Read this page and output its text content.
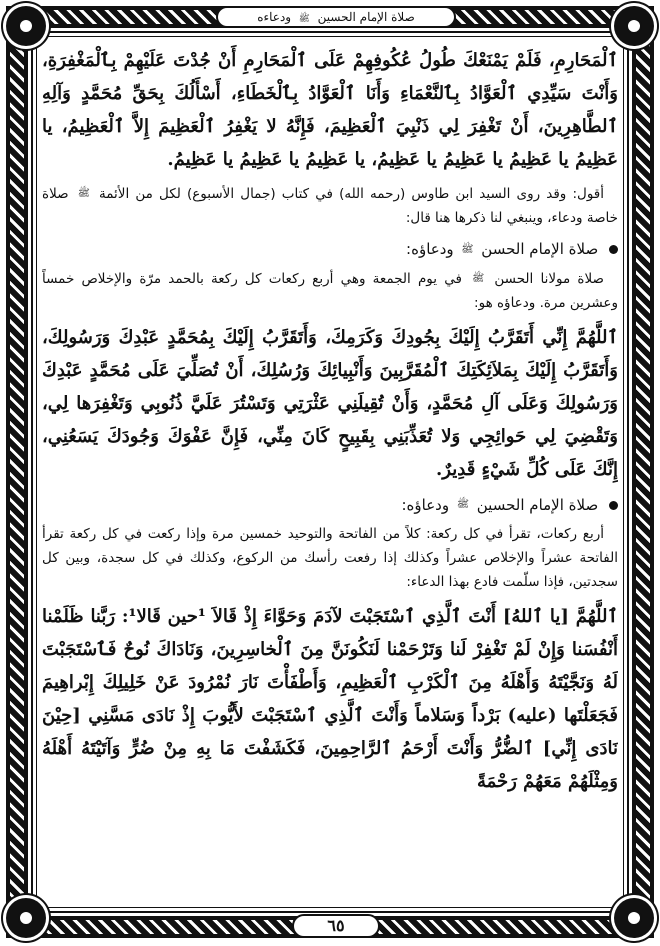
صلاة الإمام الحسين ﷺ ودعاءه
٦٥

ٱلْمَحَارِمِ، فَلَمْ يَمْنَعْكَ طُولُ عُكُوفِهِمْ عَلَى ٱلْمَحَارِمِ أَنْ جُدْتَ عَلَيْهِمْ بِٱلْمَغْفِرَةِ، وَأَنْتَ سَيِّدِي ٱلْعَوَّادُ بِٱلنَّعْمَاءِ وَأَنَا ٱلْعَوَّادُ بِٱلْخَطَاءِ، أَسْأَلُكَ بِحَقِّ مُحَمَّدٍ وَآلِهِ ٱلطَّاهِرِينَ، أَنْ تَغْفِرَ لِي ذَنْبِيَ ٱلْعَظِيمَ، فَإِنَّهُ لا يَغْفِرُ ٱلْعَظِيمَ إِلاَّ ٱلْعَظِيمُ، يا عَظِيمُ يا عَظِيمُ يا عَظِيمُ يا عَظِيمُ، يا عَظِيمُ يا عَظِيمُ يا عَظِيمُ.

أقول: وقد روى السيد ابن طاوس (رحمه الله) في كتاب (جمال الأسبوع) لكل من الأئمة ﷺ صلاة خاصة ودعاء، وينبغي لنا ذكرها هنا قال:

صلاة الإمام الحسن ﷺ ودعاؤه:

صلاة مولانا الحسن ﷺ في يوم الجمعة وهي أربع ركعات كل ركعة بالحمد مرّة والإخلاص خمساً وعشرين مرة. ودعاؤه هو:

ٱللَّهُمَّ إِنِّي أَتَقَرَّبُ إِلَيْكَ بِجُودِكَ وَكَرَمِكَ، وَأَتَقَرَّبُ إِلَيْكَ بِمُحَمَّدٍ عَبْدِكَ وَرَسُولِكَ، وَأَتَقَرَّبُ إِلَيْكَ بِمَلاَئِكَتِكَ ٱلْمُقَرَّبِينَ وَأَنْبِيائِكَ وَرُسُلِكَ، أَنْ تُصَلِّيَ عَلَى مُحَمَّدٍ عَبْدِكَ وَرَسُولِكَ وَعَلَى آلِ مُحَمَّدٍ، وَأَنْ تُقِيلَنِي عَثْرَتِي وَتَسْتُرَ عَلَيَّ ذُنُوبِي وَتَغْفِرَها لِي، وَتَقْضِيَ لِي حَوائِجِي وَلا تُعَذِّبَنِي بِقَبِيحٍ كَانَ مِنِّي، فَإِنَّ عَفْوَكَ وَجُودَكَ يَسَعُنِي، إِنَّكَ عَلَى كُلِّ شَيْءٍ قَدِيرٌ.

صلاة الإمام الحسين ﷺ ودعاؤه:

أربع ركعات، تقرأ في كل ركعة: كلاً من الفاتحة والتوحيد خمسين مرة وإذا ركعت في كل ركعة تقرأ الفاتحة عشراً والإخلاص عشراً وكذلك إذا رفعت رأسك من الركوع، وكذلك في كل سجدة، وبين كل سجدتين، فإذا سلّمت فادع بهذا الدعاء:

ٱللَّهُمَّ [يا ٱللهُ] أَنْتَ ٱلَّذِي ٱسْتَجَبْتَ لآدَمَ وَحَوَّاءَ إِذْ قَالاَ ¹حين قَالا¹: رَبَّنا ظَلَمْنا أَنْفُسَنا وَإِنْ لَمْ تَغْفِرْ لَنا وَتَرْحَمْنا لَنَكُونَنَّ مِنَ ٱلْخاسِرِينَ، وَنَادَاكَ نُوحٌ فَٱسْتَجَبْتَ لَهُ وَنَجَّيْتَهُ وَأَهْلَهُ مِنَ ٱلْكَرْبِ ٱلْعَظِيمِ، وَأَطْفَأْتَ نَارَ نُمْرُودَ عَنْ خَلِيلِكَ إِبْراهِيمَ فَجَعَلْتَها (عليه) بَرْداً وَسَلاماً وَأَنْتَ ٱلَّذِي ٱسْتَجَبْتَ لأَيُّوبَ إِذْ نَادَى مَسَّنِي [حِيْنَ نَادَى إِنِّي] ٱلضُّرُّ وَأَنْتَ أَرْحَمُ ٱلرَّاحِمِينَ، فَكَشَفْتَ مَا بِهِ مِنْ ضُرٍّ وَآتَيْتَهُ أَهْلَهُ وَمِثْلَهُمْ مَعَهُمْ رَحْمَةً
